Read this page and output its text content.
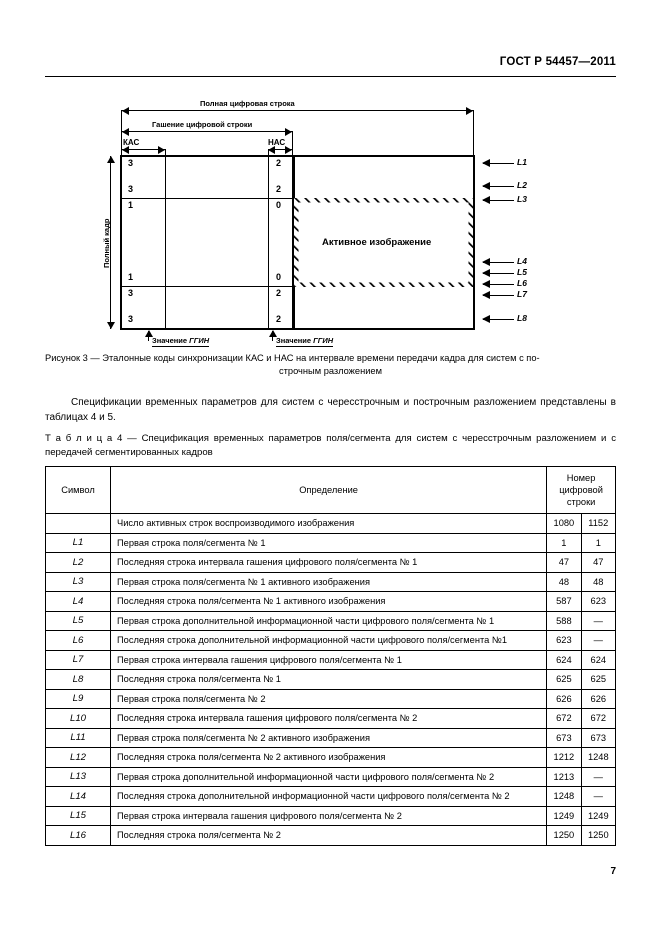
ГОСТ Р 54457—2011
Полная цифровая строка
Гашение цифровой строки
КАС	НАС
Полный кадр
3
3
1
1
3
3
2
2
0
0
2
2
Активное изображение
L1
L2
L3
L4
L5
L6
L7
L8
Значение ГГИН	Значение ГГИН
Рисунок 3 — Эталонные коды синхронизации КАС и НАС на интервале времени передачи кадра для систем с по-
строчным разложением
Спецификации временных параметров для систем с чересстрочным и построчным разложением представлены в таблицах 4 и 5.
Т а б л и ц а 4 — Спецификация временных параметров поля/сегмента для систем с чересстрочным разложением и с передачей сегментированных кадров
Символ	Определение	Номер цифровой строки	
	Число активных строк воспроизводимого изображения	1080	1152
L1	Первая строка поля/сегмента № 1	1	1
L2	Последняя строка интервала гашения цифрового поля/сегмента № 1	47	47
L3	Первая строка поля/сегмента № 1 активного изображения	48	48
L4	Последняя строка поля/сегмента № 1 активного изображения	587	623
L5	Первая строка дополнительной информационной части цифрового поля/сегмента № 1	588	—
L6	Последняя строка дополнительной информационной части цифрового поля/сегмента №1	623	—
L7	Первая строка интервала гашения цифрового поля/сегмента № 1	624	624
L8	Последняя строка поля/сегмента № 1	625	625
L9	Первая строка поля/сегмента № 2	626	626
L10	Последняя строка интервала гашения цифрового поля/сегмента № 2	672	672
L11	Первая строка поля/сегмента № 2 активного изображения	673	673
L12	Последняя строка поля/сегмента № 2 активного изображения	1212	1248
L13	Первая строка дополнительной информационной части цифрового поля/сегмента № 2	1213	—
L14	Последняя строка дополнительной информационной части цифрового поля/сегмента № 2	1248	—
L15	Первая строка интервала гашения цифрового поля/сегмента № 2	1249	1249
L16	Последняя строка поля/сегмента № 2	1250	1250
7
